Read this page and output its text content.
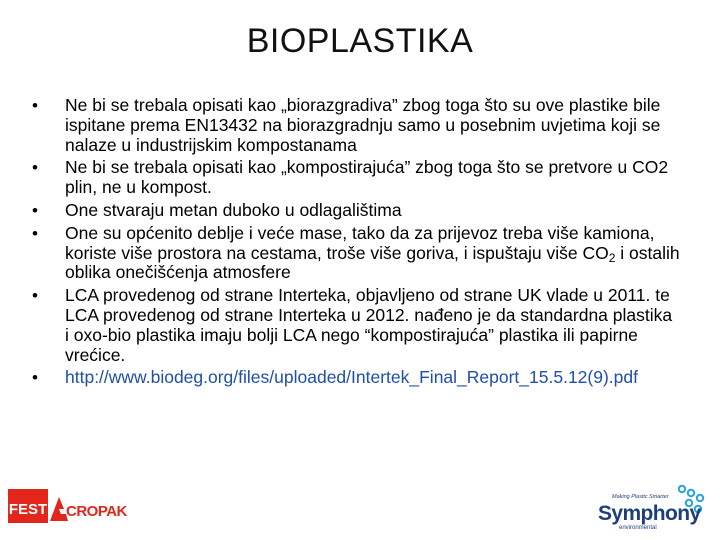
BIOPLASTIKA
• Ne bi se trebala opisati kao „biorazgradiva” zbog toga što su ove plastike bile ispitane prema EN13432 na biorazgradnju samo u posebnim uvjetima koji se nalaze u industrijskim kompostanama
• Ne bi se trebala opisati kao „kompostirajuća” zbog toga što se pretvore u CO2 plin, ne u kompost.
• One stvaraju metan duboko u odlagalištima
• One su općenito deblje i veće mase, tako da za prijevoz treba više kamiona, koriste više prostora na cestama, troše više goriva, i ispuštaju više $CO_2$ i ostalih oblika onečišćenja atmosfere
• LCA provedenog od strane Interteka, objavljeno od strane UK vlade u 2011. te LCA provedenog od strane Interteka u 2012. nađeno je da standardna plastika i oxo-bio plastika imaju bolji LCA nego “kompostirajuća” plastika ili papirne vrećice.
• http://www.biodeg.org/files/uploaded/Intertek_Final_Report_15.5.12(9).pdf
FEST CROPAK
Making Plastic Smarter
Symphony
environmental
